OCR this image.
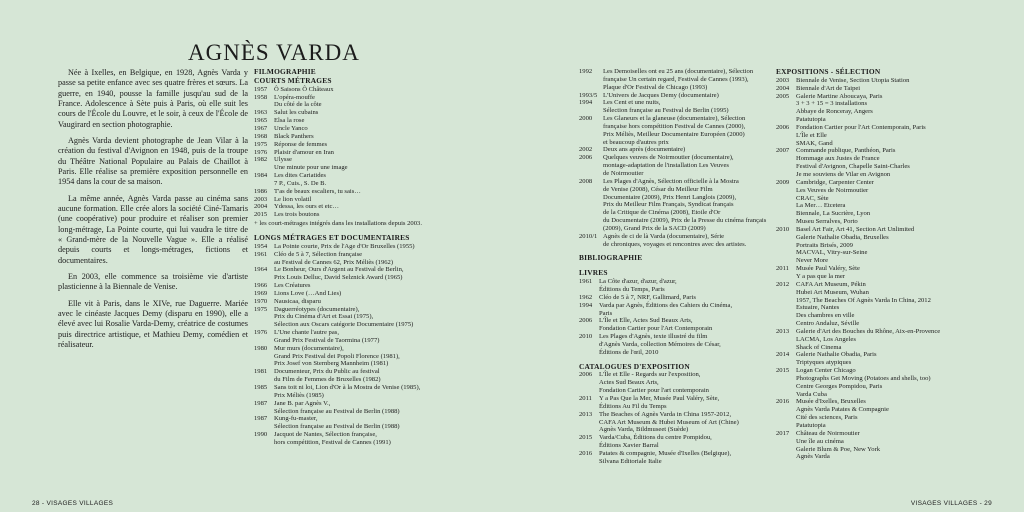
AGNÈS VARDA

Née à Ixelles, en Belgique, en 1928, Agnès Varda y passe sa petite enfance avec ses quatre frères et sœurs. La guerre, en 1940, pousse la famille jusqu'au sud de la France. Adolescence à Sète puis à Paris, où elle suit les cours de l'École du Louvre, et le soir, à ceux de l'École de Vaugirard en section photographie.

Agnès Varda devient photographe de Jean Vilar à la création du festival d'Avignon en 1948, puis de la troupe du Théâtre National Populaire au Palais de Chaillot à Paris. Elle réalise sa première exposition personnelle en 1954 dans la cour de sa maison.

La même année, Agnès Varda passe au cinéma sans aucune formation. Elle crée alors la société Ciné-Tamaris (une coopérative) pour produire et réaliser son premier long-métrage, La Pointe courte, qui lui vaudra le titre de « Grand-mère de la Nouvelle Vague ». Elle a réalisé depuis courts et longs-métrages, fictions et documentaires.

En 2003, elle commence sa troisième vie d'artiste plasticienne à la Biennale de Venise.

Elle vit à Paris, dans le XIVe, rue Daguerre. Mariée avec le cinéaste Jacques Demy (disparu en 1990), elle a élevé avec lui Rosalie Varda-Demy, créatrice de costumes puis directrice artistique, et Mathieu Demy, comédien et réalisateur.

FILMOGRAPHIE
COURTS MÉTRAGES
1957	Ô Saisons Ô Châteaux
1958	L'opéra-mouffe
Du côté de la côte
1963	Salut les cubains
1965	Elsa la rose
1967	Uncle Yanco
1968	Black Panthers
1975	Réponse de femmes
1976	Plaisir d'amour en Iran
1982	Ulysse
Une minute pour une image
1984	Les dites Cariatides
7 P., Cuis., S. De B.
1986	T'as de beaux escaliers, tu sais…
2003	Le lion volatil
2004	Ydessa, les ours et etc…
2015	Les trois boutons
+ les court-métrages intégrés dans les installations depuis 2003.
LONGS MÉTRAGES ET DOCUMENTAIRES
1954	La Pointe courte, Prix de l'Age d'Or Bruxelles (1955)
1961	Cléo de 5 à 7, Sélection française
au Festival de Cannes 62, Prix Méliès (1962)
1964	Le Bonheur, Ours d'Argent au Festival de Berlin,
Prix Louis Delluc, David Selznick Award (1965)
1966	Les Créatures
1969	Lions Love (…And Lies)
1970	Nausicaa, disparu
1975	Daguerréotypes (documentaire),
Prix du Cinéma d'Art et Essai (1975),
Sélection aux Oscars catégorie Documentaire (1975)
1976	L'Une chante l'autre pas,
Grand Prix Festival de Taormina (1977)
1980	Mur murs (documentaire),
Grand Prix Festival dei Popoli Florence (1981),
Prix Josef von Sternberg Mannheim (1981)
1981	Documenteur, Prix du Public au festival
du Film de Femmes de Bruxelles (1982)
1985	Sans toit ni loi, Lion d'Or à la Mostra de Venise (1985),
Prix Méliès (1985)
1987	Jane B. par Agnès V.,
Sélection française au Festival de Berlin (1988)
1987	Kung-fu-master,
Sélection française au Festival de Berlin (1988)
1990	Jacquot de Nantes, Sélection française,
hors compétition, Festival de Cannes (1991)
1992	Les Demoiselles ont eu 25 ans (documentaire), Sélection
française Un certain regard, Festival de Cannes (1993),
Plaque d'Or Festival de Chicago (1993)
1993/5 L'Univers de Jacques Demy (documentaire)
1994	Les Cent et une nuits,
Sélection française au Festival de Berlin (1995)
2000	Les Glaneurs et la glaneuse (documentaire), Sélection
française hors compétition Festival de Cannes (2000),
Prix Méliès, Meilleur Documentaire Européen (2000)
et beaucoup d'autres prix
2002	Deux ans après (documentaire)
2006	Quelques veuves de Noirmoutier (documentaire),
montage-adaptation de l'installation Les Veuves
de Noirmoutier
2008	Les Plages d'Agnès, Sélection officielle à la Mostra
de Venise (2008), César du Meilleur Film
Documentaire (2009), Prix Henri Langlois (2009),
Prix du Meilleur Film Français, Syndicat français
de la Critique de Cinéma (2008), Etoile d'Or
du Documentaire (2009), Prix de la Presse du cinéma français
(2009), Grand Prix de la SACD (2009)
2010/1 Agnès de ci de là Varda (documentaire), Série
de chroniques, voyages et rencontres avec des artistes.
BIBLIOGRAPHIE
LIVRES
1961	La Côte d'azur, d'azur, d'azur,
Éditions du Temps, Paris
1962	Cléo de 5 à 7, NRF, Gallimard, Paris
1994	Varda par Agnès, Éditions des Cahiers du Cinéma,
Paris
2006	L'Île et Elle, Actes Sud Beaux Arts,
Fondation Cartier pour l'Art Contemporain
2010	Les Plages d'Agnès, texte illustré du film
d'Agnès Varda, collection Mémoires de César,
Éditions de l'œil, 2010
CATALOGUES D'EXPOSITION
2006	L'Île et Elle - Regards sur l'exposition,
Actes Sud Beaux Arts,
Fondation Cartier pour l'art contemporain
2011	Y a Pas Que la Mer, Musée Paul Valéry, Sète,
Éditions Au Fil du Temps
2013	The Beaches of Agnès Varda in China 1957-2012,
CAFA Art Museum & Hubei Museum of Art (Chine)
Agnès Varda, Bildmuseet (Suède)
2015	Varda/Cuba, Éditions du centre Pompidou,
Éditions Xavier Barral
2016	Patates & compagnie, Musée d'Ixelles (Belgique),
Silvana Editoriale Italie
EXPOSITIONS - SÉLECTION
2003	Biennale de Venise, Section Utopia Station
2004	Biennale d'Art de Taipei
2005	Galerie Martine Aboucaya, Paris
3 + 3 + 15 = 3 installations
Abbaye de Ronceray, Angers
Patatutopia
2006	Fondation Cartier pour l'Art Contemporain, Paris
L'Île et Elle
SMAK, Gand
2007	Commande publique, Panthéon, Paris
Hommage aux Justes de France
Festival d'Avignon, Chapelle Saint-Charles
Je me souviens de Vilar en Avignon
2009	Cambridge, Carpenter Center
Les Veuves de Noirmoutier
CRAC, Sète
La Mer… Etcetera
Biennale, La Sucrière, Lyon
Museu Serralves, Porto
2010	Basel Art Fair, Art 41, Section Art Unlimited
Galerie Nathalie Obadia, Bruxelles
Portraits Brisés, 2009
MACVAL, Vitry-sur-Seine
Never More
2011	Musée Paul Valéry, Sète
Y a pas que la mer
2012	CAFA Art Museum, Pékin
Hubei Art Museum, Wuhan
1957, The Beaches Of Agnès Varda In China, 2012
Estuaire, Nantes
Des chambres en ville
Centro Andaluz, Séville
2013	Galerie d'Art des Bouches du Rhône, Aix-en-Provence
LACMA, Los Angeles
Shack of Cinema
2014	Galerie Nathalie Obadia, Paris
Triptyques atypiques
2015	Logan Center Chicago
Photographs Get Moving (Potatoes and shells, too)
Centre Georges Pompidou, Paris
Varda Cuba
2016	Musée d'Ixelles, Bruxelles
Agnès Varda Patates & Compagnie
Cité des sciences, Paris
Patatutopia
2017	Château de Noirmoutier
Une île au cinéma
Galerie Blum & Poe, New York
Agnès Varda
28 - VISAGES VILLAGES	VISAGES VILLAGES - 29
